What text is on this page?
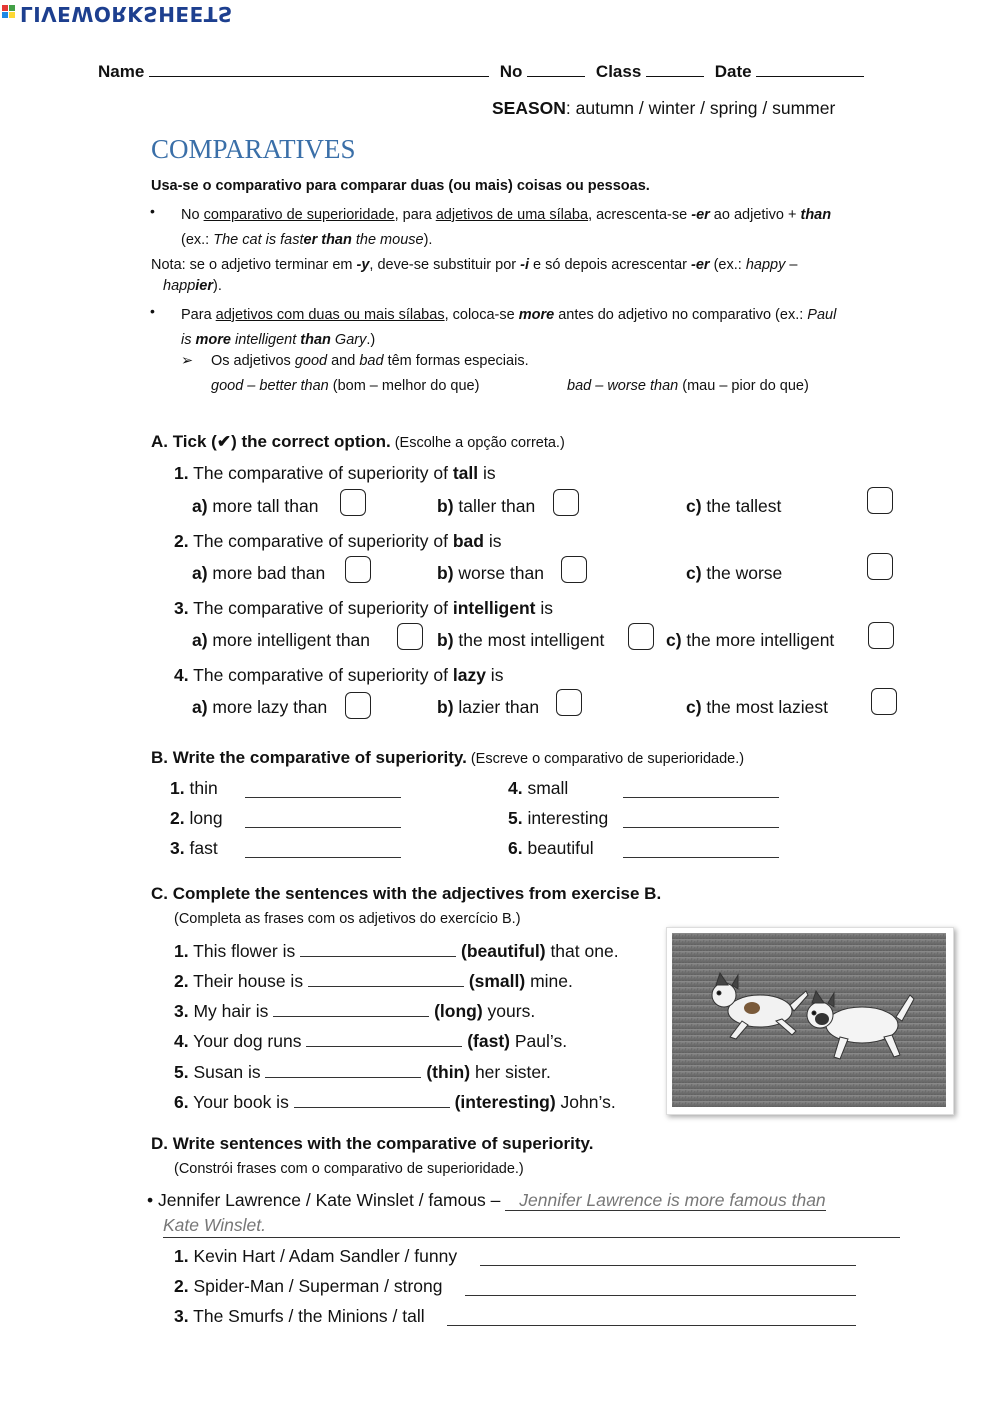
LIVEWORKSHEETS
Name	No	Class	Date
SEASON: autumn / winter / spring / summer
COMPARATIVES
Usa-se o comparativo para comparar duas (ou mais) coisas ou pessoas.
• No comparativo de superioridade, para adjetivos de uma sílaba, acrescenta-se -er ao adjetivo + than
(ex.: The cat is faster than the mouse).
Nota: se o adjetivo terminar em -y, deve-se substituir por -i e só depois acrescentar -er (ex.: happy –
happier).
• Para adjetivos com duas ou mais sílabas, coloca-se more antes do adjetivo no comparativo (ex.: Paul
is more intelligent than Gary.)
➢ Os adjetivos good and bad têm formas especiais.
good – better than (bom – melhor do que)	bad – worse than (mau – pior do que)
A. Tick (✔) the correct option. (Escolhe a opção correta.)
1. The comparative of superiority of tall is
a) more tall than	b) taller than	c) the tallest
2. The comparative of superiority of bad is
a) more bad than	b) worse than	c) the worse
3. The comparative of superiority of intelligent is
a) more intelligent than	b) the most intelligent	c) the more intelligent
4. The comparative of superiority of lazy is
a) more lazy than	b) lazier than	c) the most laziest
B. Write the comparative of superiority. (Escreve o comparativo de superioridade.)
1. thin
2. long
3. fast
4. small
5. interesting
6. beautiful
C. Complete the sentences with the adjectives from exercise B.
(Completa as frases com os adjetivos do exercício B.)
1. This flower is	(beautiful) that one.
2. Their house is	(small) mine.
3. My hair is	(long) yours.
4. Your dog runs	(fast) Paul’s.
5. Susan is	(thin) her sister.
6. Your book is	(interesting) John’s.
D. Write sentences with the comparative of superiority.
(Constrói frases com o comparativo de superioridade.)
• Jennifer Lawrence / Kate Winslet / famous – Jennifer Lawrence is more famous than
Kate Winslet.
1. Kevin Hart / Adam Sandler / funny
2. Spider-Man / Superman / strong
3. The Smurfs / the Minions / tall
